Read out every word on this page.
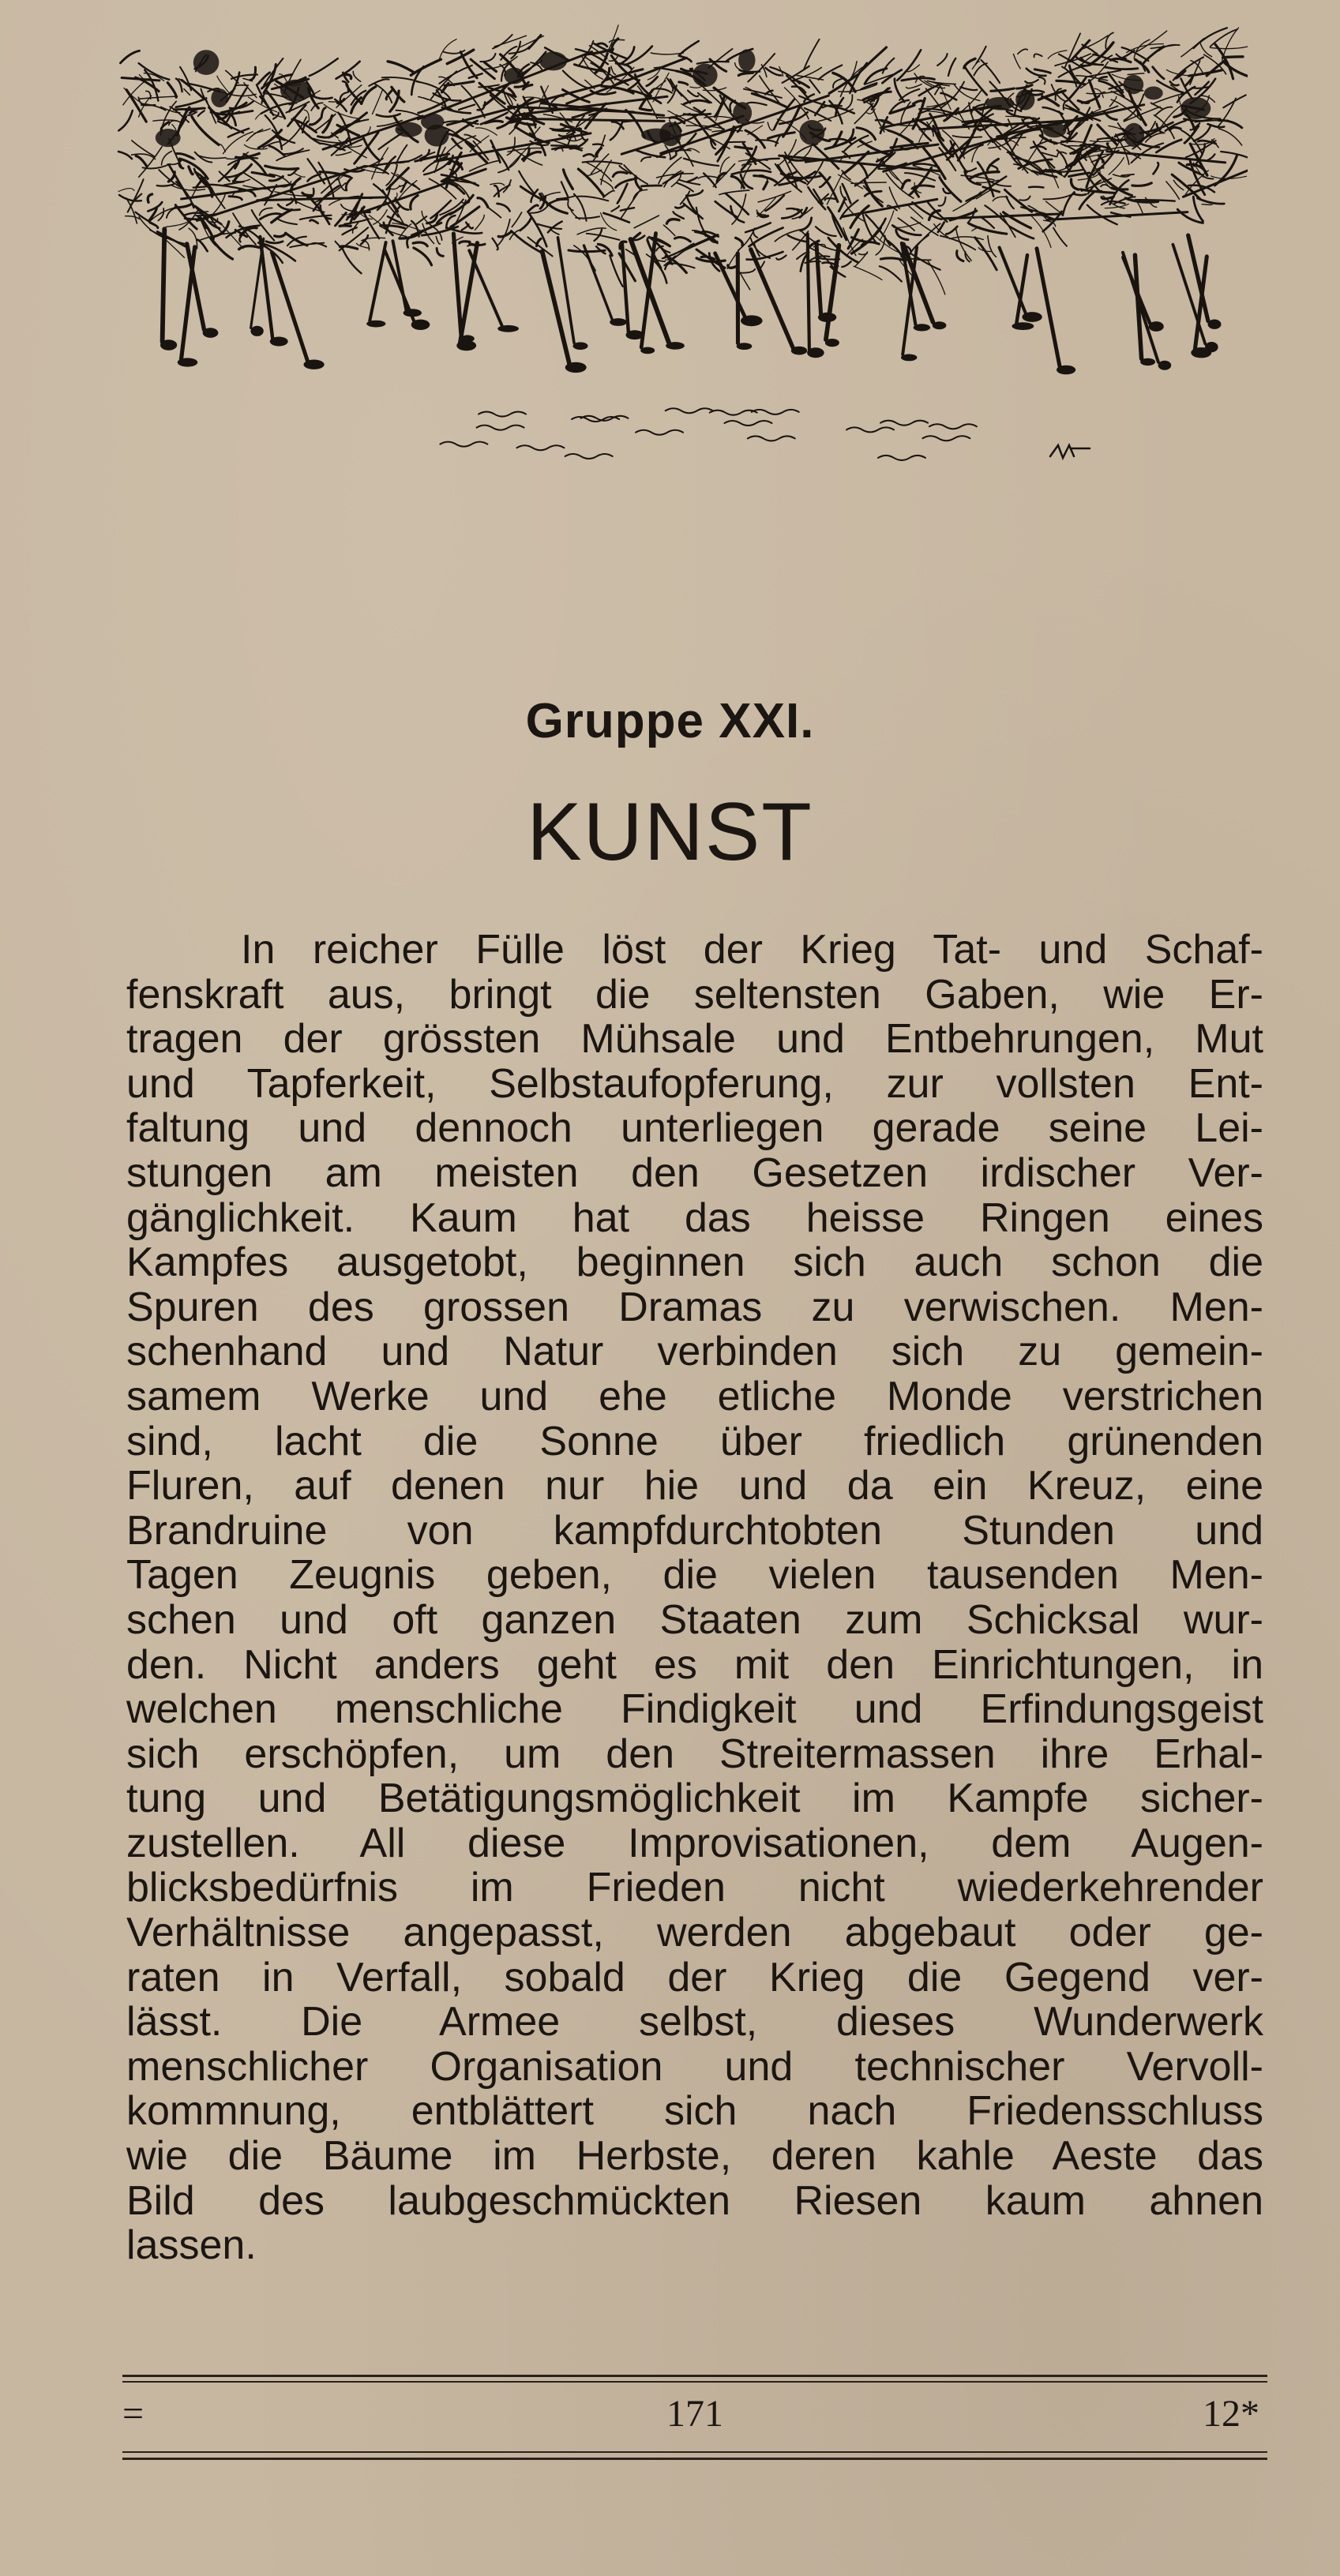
Gruppe XXI.
KUNST
In reicher Fülle löst der Krieg Tat- und Schaf-
fenskraft aus, bringt die seltensten Gaben, wie Er-
tragen der grössten Mühsale und Entbehrungen, Mut
und Tapferkeit, Selbstaufopferung, zur vollsten Ent-
faltung und dennoch unterliegen gerade seine Lei-
stungen am meisten den Gesetzen irdischer Ver-
gänglichkeit. Kaum hat das heisse Ringen eines
Kampfes ausgetobt, beginnen sich auch schon die
Spuren des grossen Dramas zu verwischen. Men-
schenhand und Natur verbinden sich zu gemein-
samem Werke und ehe etliche Monde verstrichen
sind, lacht die Sonne über friedlich grünenden
Fluren, auf denen nur hie und da ein Kreuz, eine
Brandruine von kampfdurchtobten Stunden und
Tagen Zeugnis geben, die vielen tausenden Men-
schen und oft ganzen Staaten zum Schicksal wur-
den. Nicht anders geht es mit den Einrichtungen, in
welchen menschliche Findigkeit und Erfindungsgeist
sich erschöpfen, um den Streitermassen ihre Erhal-
tung und Betätigungsmöglichkeit im Kampfe sicher-
zustellen. All diese Improvisationen, dem Augen-
blicksbedürfnis im Frieden nicht wiederkehrender
Verhältnisse angepasst, werden abgebaut oder ge-
raten in Verfall, sobald der Krieg die Gegend ver-
lässt. Die Armee selbst, dieses Wunderwerk
menschlicher Organisation und technischer Vervoll-
kommnung, entblättert sich nach Friedensschluss
wie die Bäume im Herbste, deren kahle Aeste das
Bild des laubgeschmückten Riesen kaum ahnen
lassen.
=	171	12*
